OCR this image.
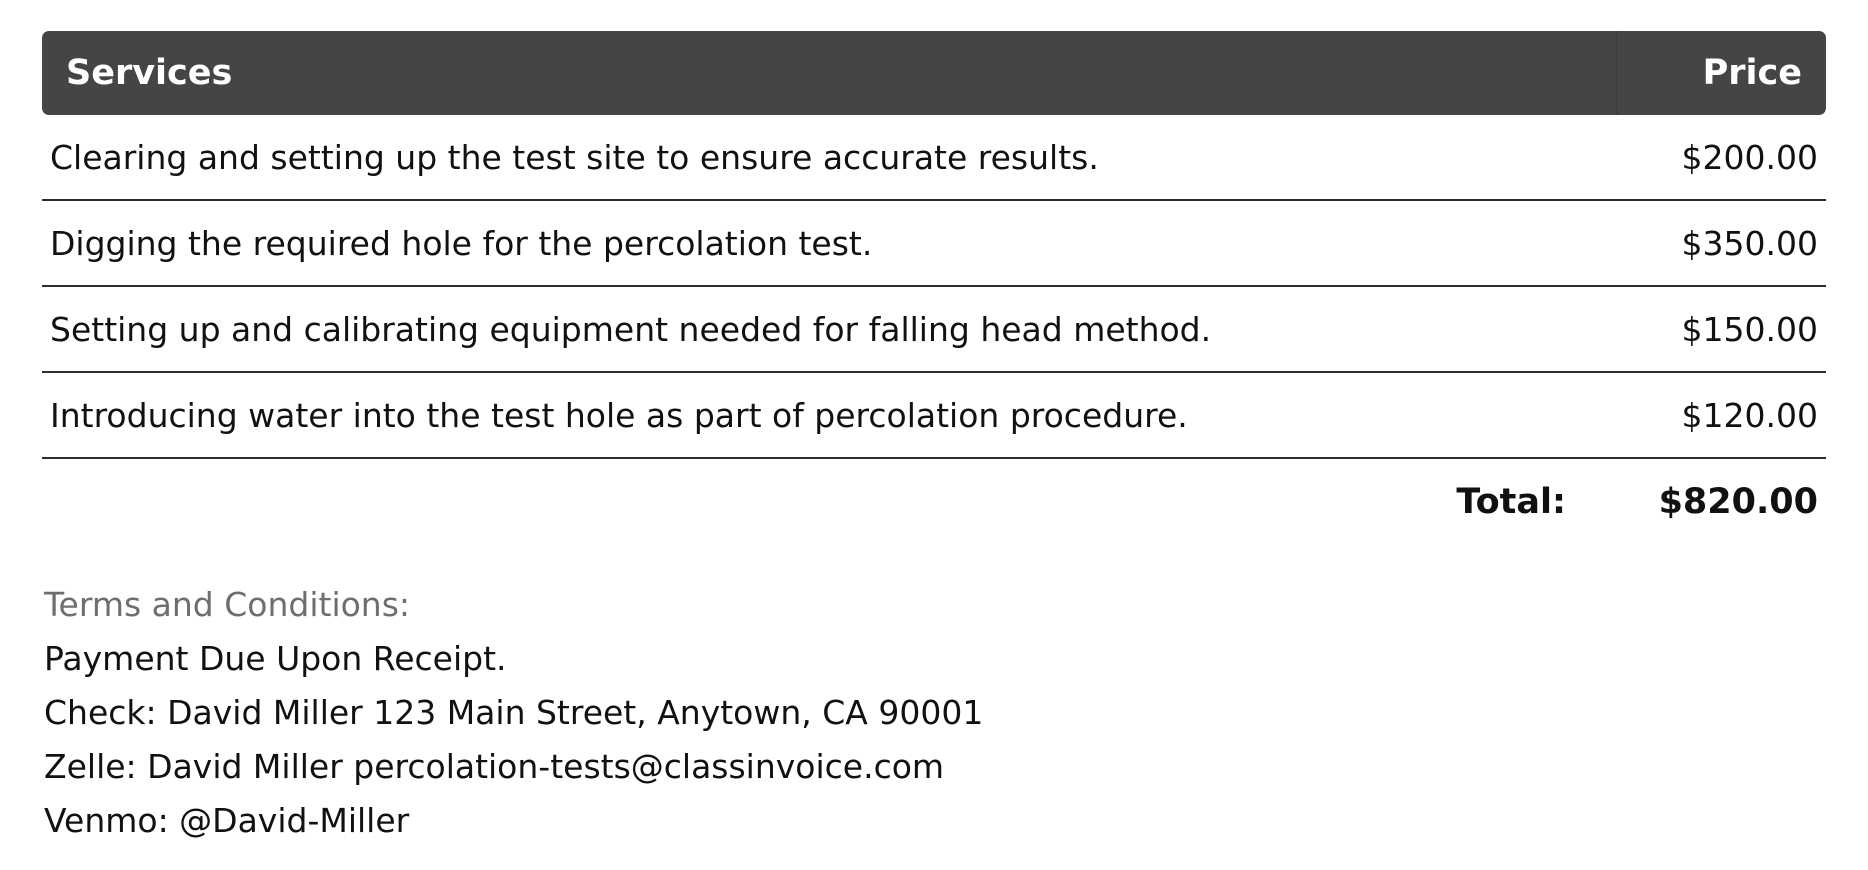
Services	Price
Clearing and setting up the test site to ensure accurate results.	$200.00
Digging the required hole for the percolation test.	$350.00
Setting up and calibrating equipment needed for falling head method.	$150.00
Introducing water into the test hole as part of percolation procedure.	$120.00
Total:	$820.00
Terms and Conditions:
Payment Due Upon Receipt.
Check: David Miller 123 Main Street, Anytown, CA 90001
Zelle: David Miller percolation-tests@classinvoice.com
Venmo: @David-Miller
